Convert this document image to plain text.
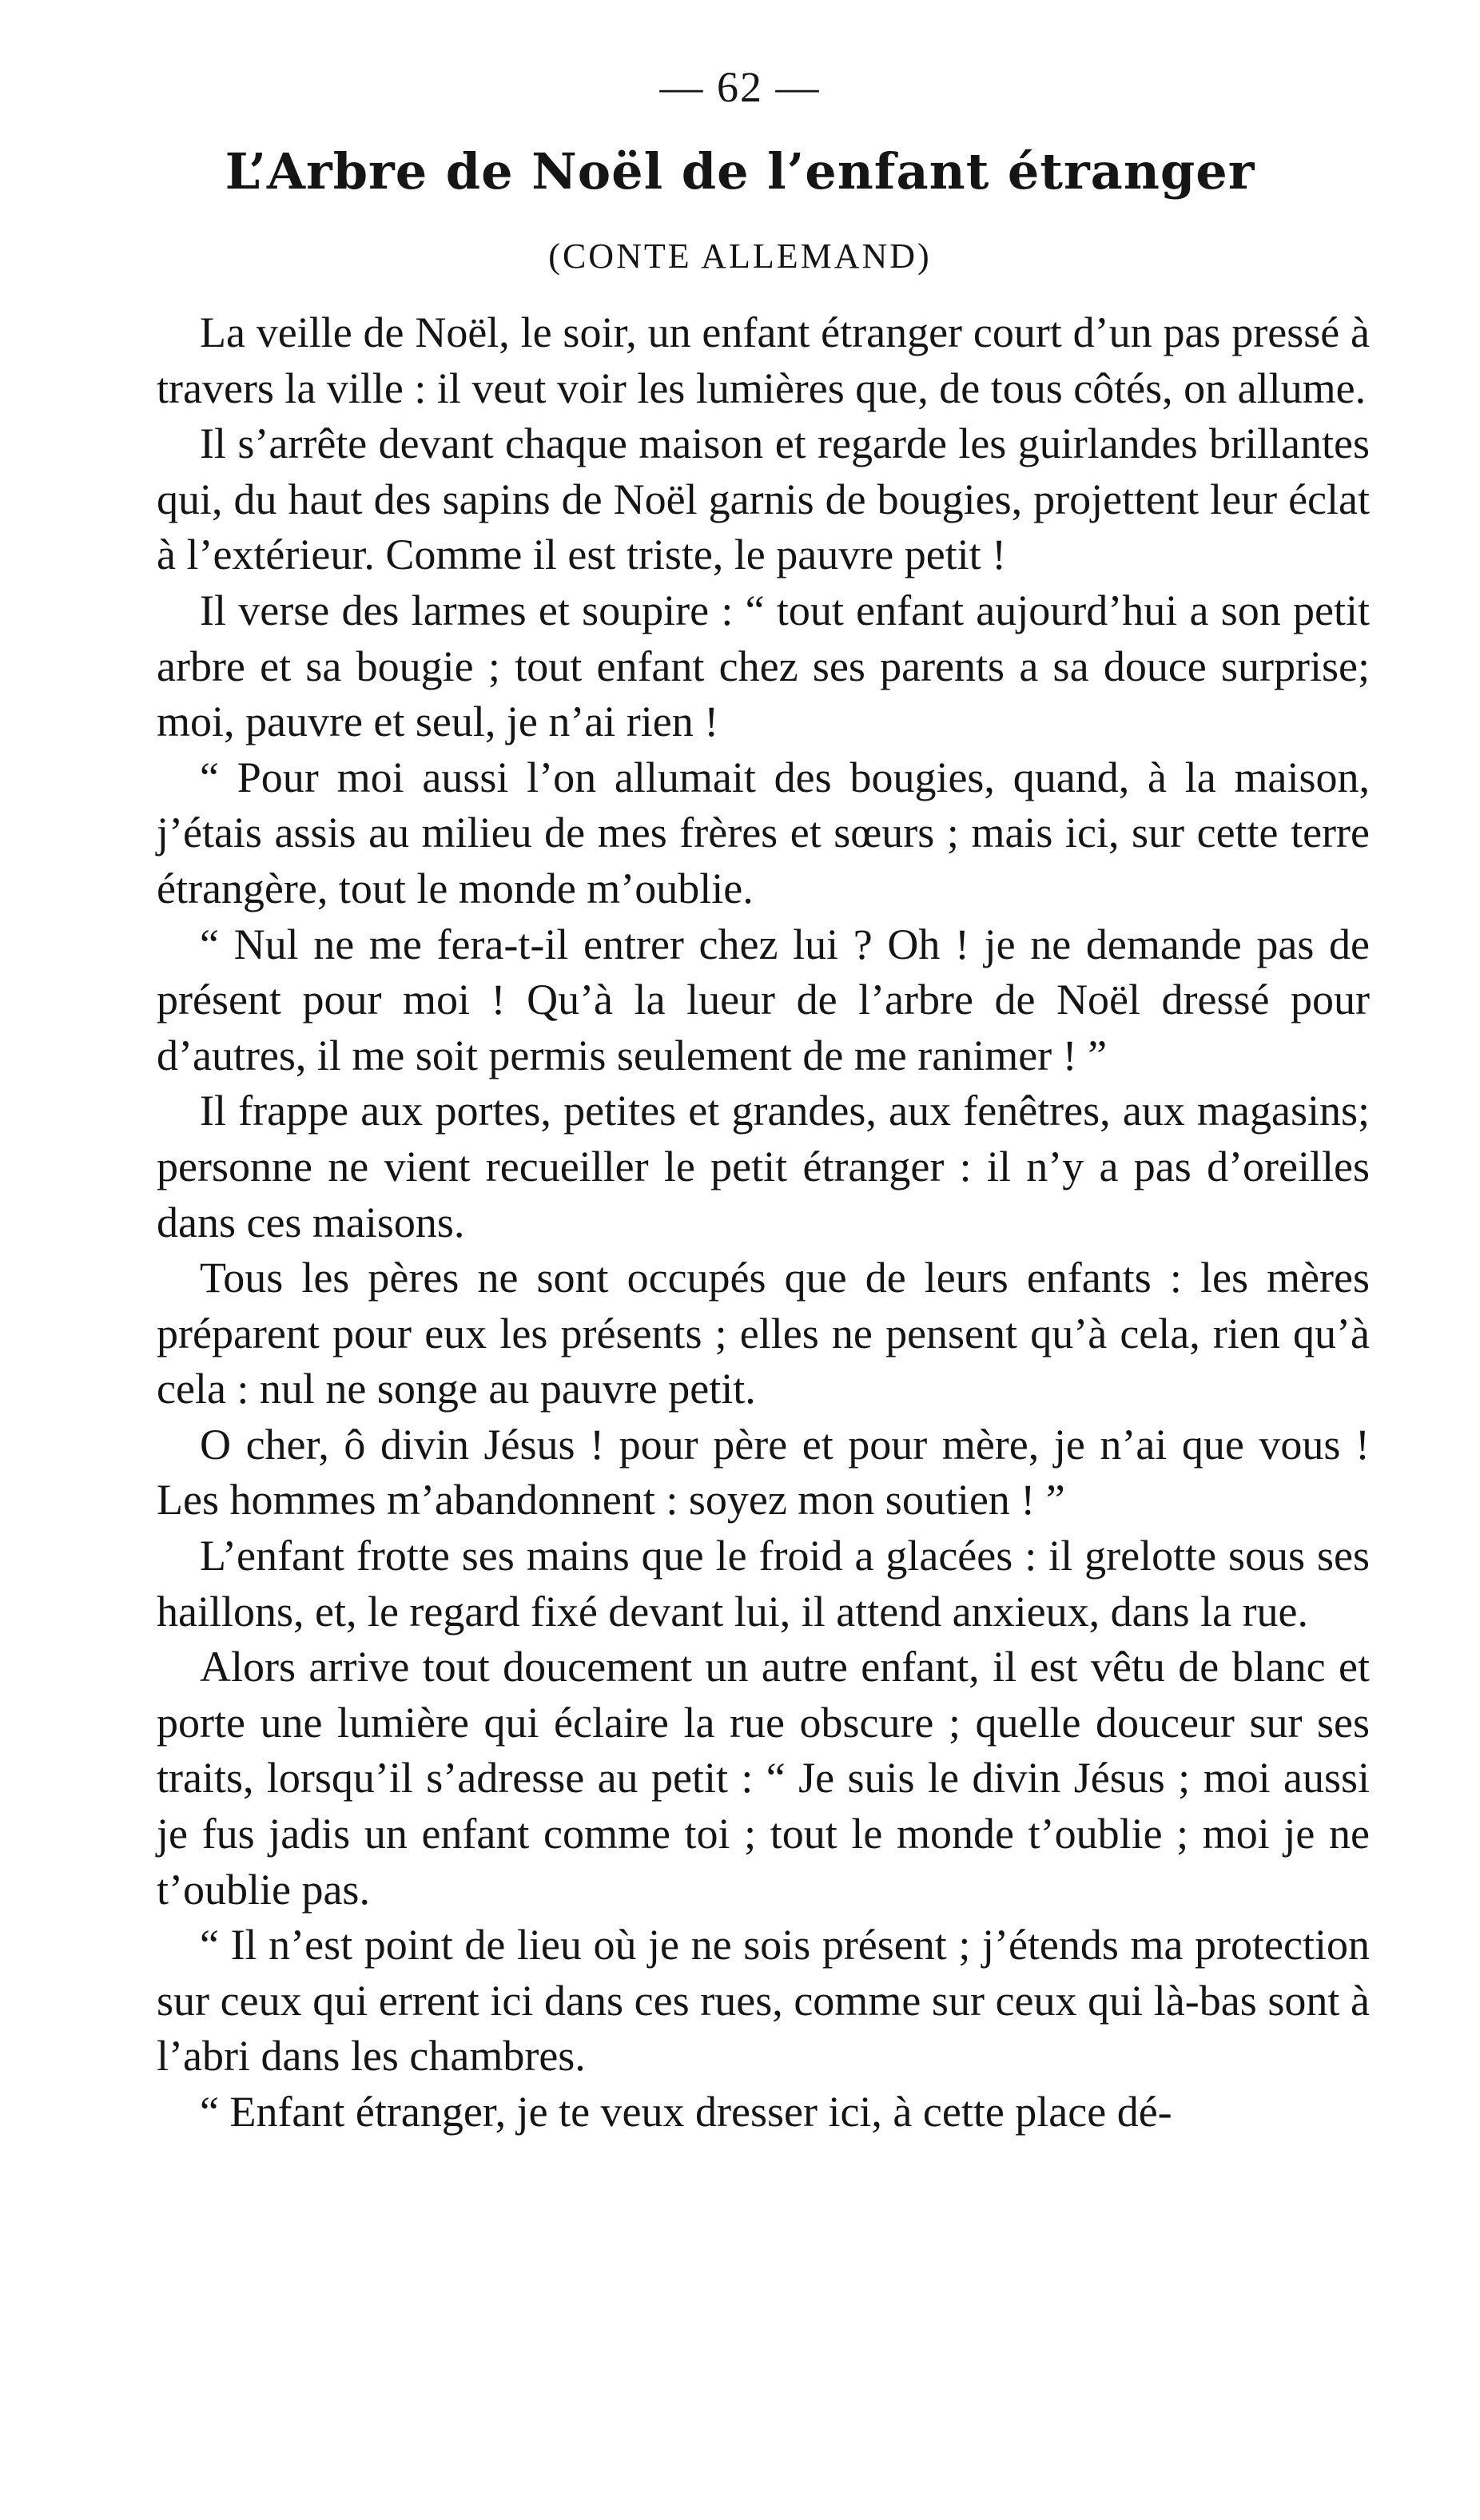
— 62 —
L’Arbre de Noël de l’enfant étranger
(CONTE ALLEMAND)

La veille de Noël, le soir, un enfant étranger court d’un pas pressé à travers la ville : il veut voir les lumières que, de tous côtés, on allume.

Il s’arrête devant chaque maison et regarde les guirlandes brillantes qui, du haut des sapins de Noël garnis de bougies, projettent leur éclat à l’extérieur. Comme il est triste, le pauvre petit !

Il verse des larmes et soupire : “ tout enfant aujourd’hui a son petit arbre et sa bougie ; tout enfant chez ses parents a sa douce surprise; moi, pauvre et seul, je n’ai rien !

“ Pour moi aussi l’on allumait des bougies, quand, à la maison, j’étais assis au milieu de mes frères et sœurs ; mais ici, sur cette terre étrangère, tout le monde m’oublie.

“ Nul ne me fera-t-il entrer chez lui ? Oh ! je ne demande pas de présent pour moi ! Qu’à la lueur de l’arbre de Noël dressé pour d’autres, il me soit permis seulement de me ranimer ! ”

Il frappe aux portes, petites et grandes, aux fenêtres, aux magasins; personne ne vient recueiller le petit étranger : il n’y a pas d’oreilles dans ces maisons.

Tous les pères ne sont occupés que de leurs enfants : les mères préparent pour eux les présents ; elles ne pensent qu’à cela, rien qu’à cela : nul ne songe au pauvre petit.

O cher, ô divin Jésus ! pour père et pour mère, je n’ai que vous ! Les hommes m’abandonnent : soyez mon soutien ! ”

L’enfant frotte ses mains que le froid a glacées : il grelotte sous ses haillons, et, le regard fixé devant lui, il attend anxieux, dans la rue.

Alors arrive tout doucement un autre enfant, il est vêtu de blanc et porte une lumière qui éclaire la rue obscure ; quelle douceur sur ses traits, lorsqu’il s’adresse au petit : “ Je suis le divin Jésus ; moi aussi je fus jadis un enfant comme toi ; tout le monde t’oublie ; moi je ne t’oublie pas.

“ Il n’est point de lieu où je ne sois présent ; j’étends ma protection sur ceux qui errent ici dans ces rues, comme sur ceux qui là-bas sont à l’abri dans les chambres.

“ Enfant étranger, je te veux dresser ici, à cette place dé-
